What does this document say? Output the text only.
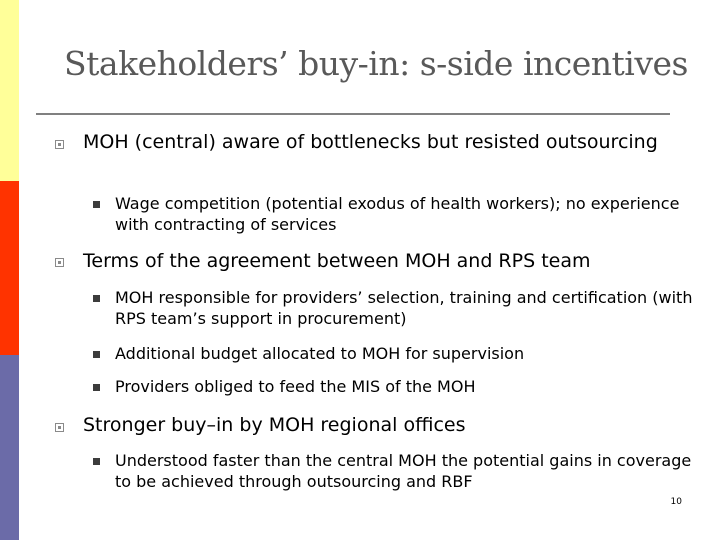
Stakeholders’ buy-in: s-side incentives
MOH (central) aware of bottlenecks but resisted outsourcing
Wage competition (potential exodus of health workers); no experience with contracting of services
Terms of the agreement between MOH and RPS team
MOH responsible for providers’ selection, training and certification (with RPS team’s support in procurement)
Additional budget allocated to MOH for supervision
Providers obliged to feed the MIS of the MOH
Stronger buy–in by MOH regional offices
Understood faster than the central MOH the potential gains in coverage to be achieved through outsourcing and RBF
10
